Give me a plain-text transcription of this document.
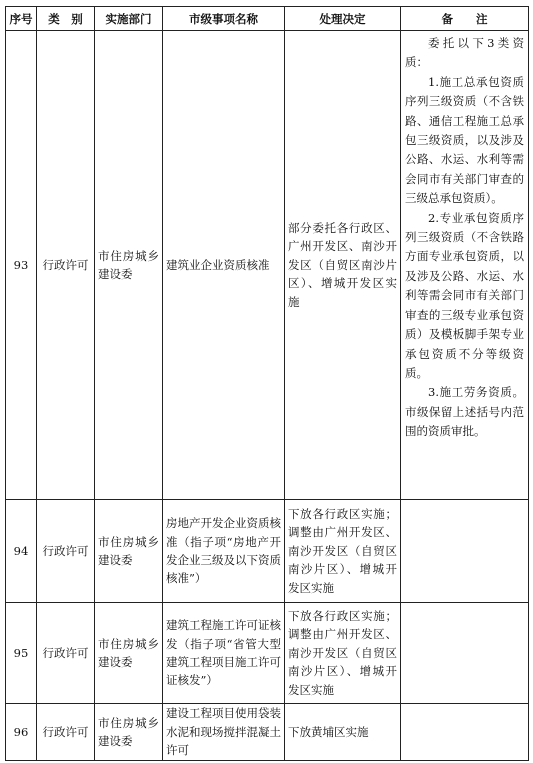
序号	类　别	实施部门	市级事项名称	处理决定	备　　注
93	行政许可	市住房城乡建设委	建筑业企业资质核准	部分委托各行政区、广州开发区、南沙开发区（自贸区南沙片区）、增城开发区实施	委托以下3类资质：
1.施工总承包资质序列三级资质（不含铁路、通信工程施工总承包三级资质，以及涉及公路、水运、水利等需会同市有关部门审查的三级总承包资质）。
2.专业承包资质序列三级资质（不含铁路方面专业承包资质，以及涉及公路、水运、水利等需会同市有关部门审查的三级专业承包资质）及模板脚手架专业承包资质不分等级资质。
3.施工劳务资质。市级保留上述括号内范围的资质审批。

94	行政许可	市住房城乡建设委	房地产开发企业资质核准（指子项“房地产开发企业三级及以下资质核准”）	下放各行政区实施；调整由广州开发区、南沙开发区（自贸区南沙片区）、增城开发区实施	
95	行政许可	市住房城乡建设委	建筑工程施工许可证核发（指子项“省管大型建筑工程项目施工许可证核发”）	下放各行政区实施；调整由广州开发区、南沙开发区（自贸区南沙片区）、增城开发区实施	
96	行政许可	市住房城乡建设委	建设工程项目使用袋装水泥和现场搅拌混凝土许可	下放黄埔区实施	
